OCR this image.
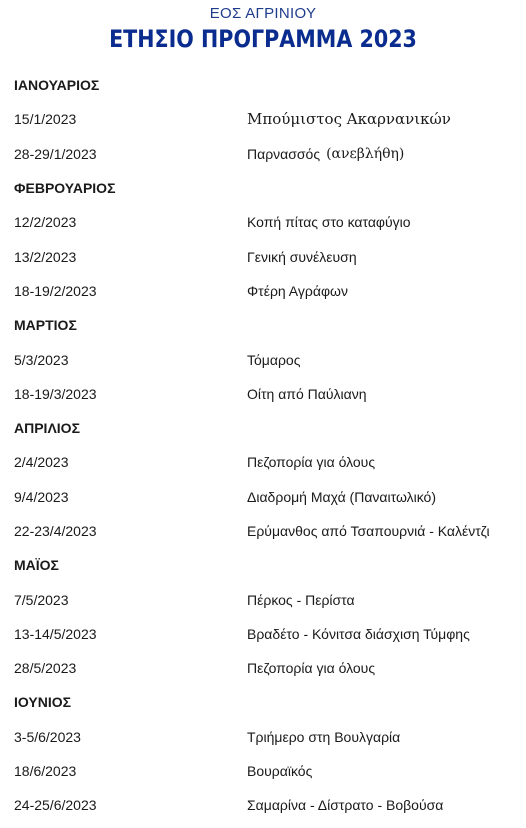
ΕΟΣ ΑΓΡΙΝΙΟΥ
ΕΤΗΣΙΟ ΠΡΟΓΡΑΜΜΑ 2023
ΙΑΝΟΥΑΡΙΟΣ
15/1/2023	Μπούμιστος Ακαρνανικών
28-29/1/2023	Παρνασσός (ανεβλήθη)
ΦΕΒΡΟΥΑΡΙΟΣ
12/2/2023	Κοπή πίτας στο καταφύγιο
13/2/2023	Γενική συνέλευση
18-19/2/2023	Φτέρη Αγράφων
ΜΑΡΤΙΟΣ
5/3/2023	Τόμαρος
18-19/3/2023	Οίτη από Παύλιανη
ΑΠΡΙΛΙΟΣ
2/4/2023	Πεζοπορία για όλους
9/4/2023	Διαδρομή Μαχά (Παναιτωλικό)
22-23/4/2023	Ερύμανθος από Τσαπουρνιά - Καλέντζι
ΜΑΪΟΣ
7/5/2023	Πέρκος - Περίστα
13-14/5/2023	Βραδέτο - Κόνιτσα διάσχιση Τύμφης
28/5/2023	Πεζοπορία για όλους
ΙΟΥΝΙΟΣ
3-5/6/2023	Τριήμερο στη Βουλγαρία
18/6/2023	Βουραϊκός
24-25/6/2023	Σαμαρίνα - Δίστρατο - Βοβούσα
